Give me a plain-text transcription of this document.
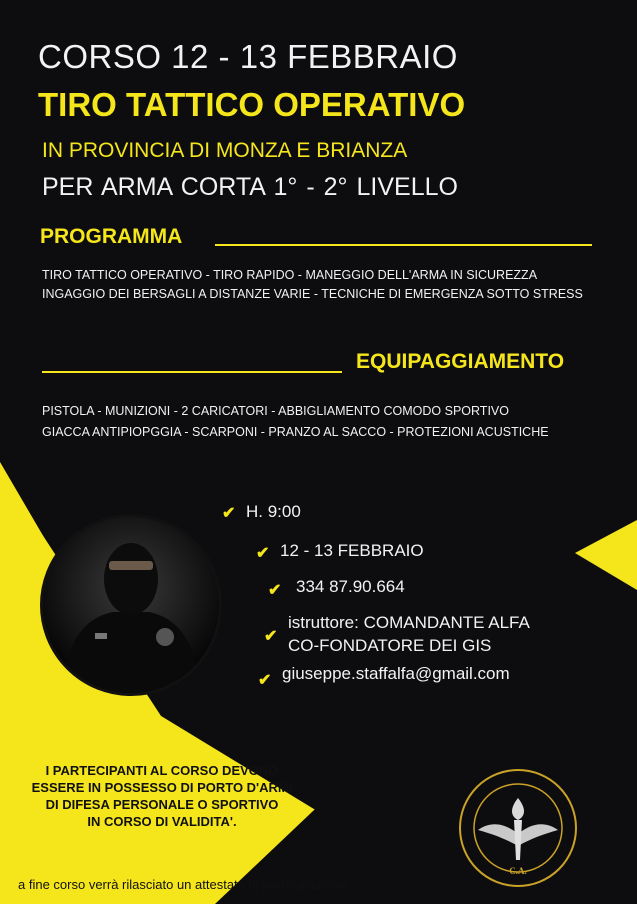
CORSO 12 - 13 FEBBRAIO
TIRO TATTICO OPERATIVO
IN PROVINCIA DI MONZA E BRIANZA
PER ARMA CORTA 1° - 2° LIVELLO
PROGRAMMA
TIRO TATTICO OPERATIVO - TIRO RAPIDO - MANEGGIO DELL'ARMA IN SICUREZZA
INGAGGIO DEI BERSAGLI A DISTANZE VARIE - TECNICHE DI EMERGENZA SOTTO STRESS
EQUIPAGGIAMENTO
PISTOLA - MUNIZIONI - 2 CARICATORI - ABBIGLIAMENTO COMODO SPORTIVO
GIACCA ANTIPIOPGGIA - SCARPONI - PRANZO AL SACCO - PROTEZIONI ACUSTICHE
✔ H. 9:00
✔ 12 - 13 FEBBRAIO
✔ 334 87.90.664
✔
istruttore: COMANDANTE ALFA
CO-FONDATORE DEI GIS
✔ giuseppe.staffalfa@gmail.com
I PARTECIPANTI AL CORSO DEVONO
ESSERE IN POSSESSO DI PORTO D'ARMI
DI DIFESA PERSONALE O SPORTIVO
IN CORSO DI VALIDITA'.
a fine corso verrà rilasciato un attestato di partecipazione
C.A.
